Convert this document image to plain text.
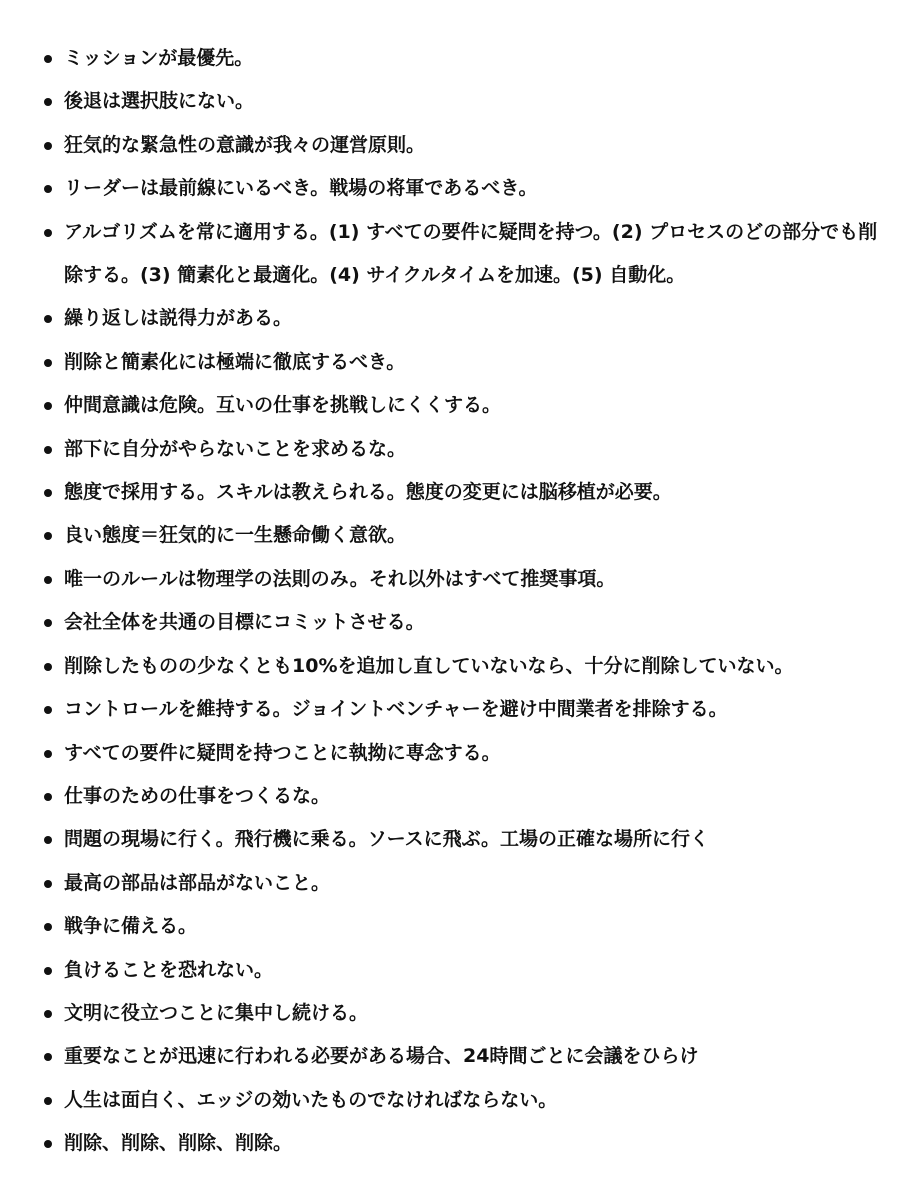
ミッションが最優先。
後退は選択肢にない。
狂気的な緊急性の意識が我々の運営原則。
リーダーは最前線にいるべき。戦場の将軍であるべき。
アルゴリズムを常に適用する。(1) すべての要件に疑問を持つ。(2) プロセスのどの部分でも削除する。(3) 簡素化と最適化。(4) サイクルタイムを加速。(5) 自動化。
繰り返しは説得力がある。
削除と簡素化には極端に徹底するべき。
仲間意識は危険。互いの仕事を挑戦しにくくする。
部下に自分がやらないことを求めるな。
態度で採用する。スキルは教えられる。態度の変更には脳移植が必要。
良い態度＝狂気的に一生懸命働く意欲。
唯一のルールは物理学の法則のみ。それ以外はすべて推奨事項。
会社全体を共通の目標にコミットさせる。
削除したものの少なくとも10%を追加し直していないなら、十分に削除していない。
コントロールを維持する。ジョイントベンチャーを避け中間業者を排除する。
すべての要件に疑問を持つことに執拗に専念する。
仕事のための仕事をつくるな。
問題の現場に行く。飛行機に乗る。ソースに飛ぶ。工場の正確な場所に行く
最高の部品は部品がないこと。
戦争に備える。
負けることを恐れない。
文明に役立つことに集中し続ける。
重要なことが迅速に行われる必要がある場合、24時間ごとに会議をひらけ
人生は面白く、エッジの効いたものでなければならない。
削除、削除、削除、削除。
